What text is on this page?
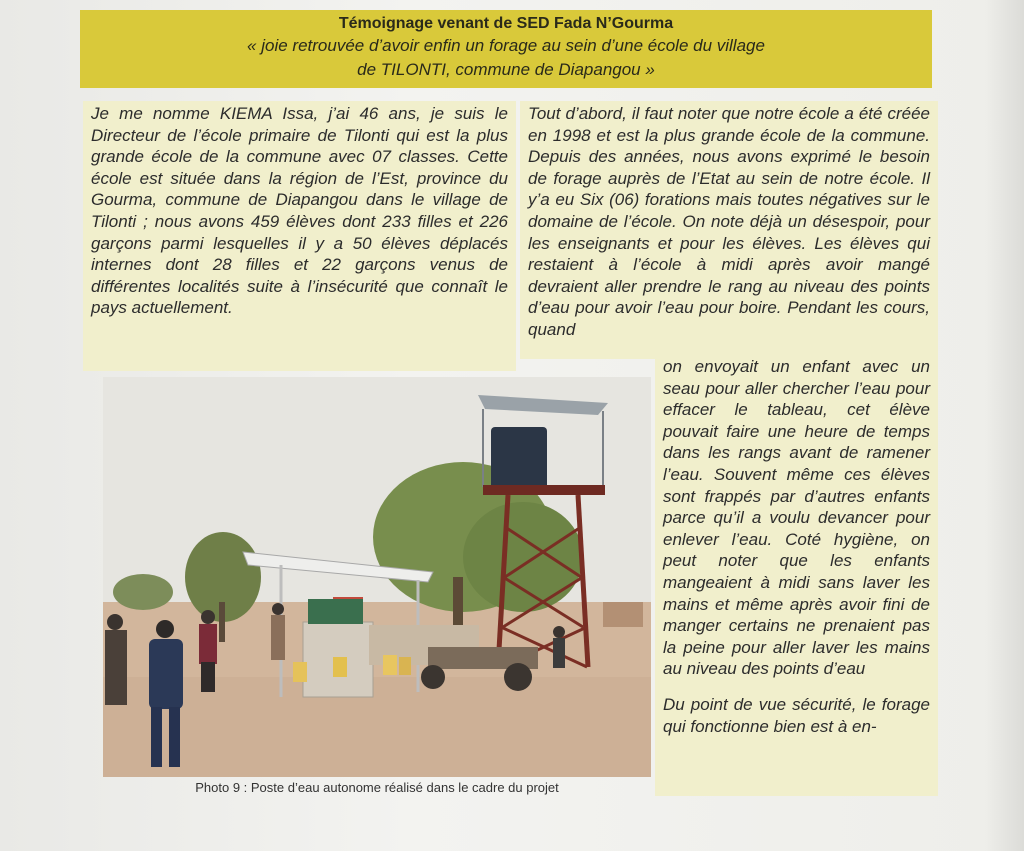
Témoignage venant de SED Fada N’Gourma
« joie retrouvée d’avoir enfin un forage au sein d’une école du village
de TILONTI, commune de Diapangou »

Je me nomme KIEMA Issa, j’ai 46 ans, je suis le Directeur de l’école primaire de Tilonti qui est la plus grande école de la commune avec 07 classes. Cette école est située dans la région de l’Est, province du Gourma, commune de Diapangou dans le village de Tilonti ; nous avons 459 élèves dont 233 filles et 226 garçons parmi lesquelles il y a 50 élèves déplacés internes dont 28 filles et 22 garçons venus de différentes localités suite à l’insécurité que connaît le pays actuellement.

Tout d’abord, il faut noter que notre école a été créée en 1998 et est la plus grande école de la commune. Depuis des années, nous avons exprimé le besoin de forage auprès de l’Etat au sein de notre école. Il y’a eu Six (06) forations mais toutes négatives sur le domaine de l’école. On note déjà un désespoir, pour les enseignants et pour les élèves. Les élèves qui restaient à l’école à midi après avoir mangé devraient aller prendre le rang au niveau des points d’eau pour avoir l’eau pour boire. Pendant les cours, quand

on envoyait un enfant avec un seau pour aller chercher l’eau pour effacer le tableau, cet élève pouvait faire une heure de temps dans les rangs avant de ramener l’eau. Souvent même ces élèves sont frappés par d’autres enfants parce qu’il a voulu devancer pour enlever l’eau. Coté hygiène, on peut noter que les enfants mangeaient à midi sans laver les mains et même après avoir fini de manger certains ne prenaient pas la peine pour aller laver les mains au niveau des points d’eau

Du point de vue sécurité, le forage qui fonctionne bien est à en-

Photo 9 : Poste d’eau autonome réalisé dans le cadre du projet
